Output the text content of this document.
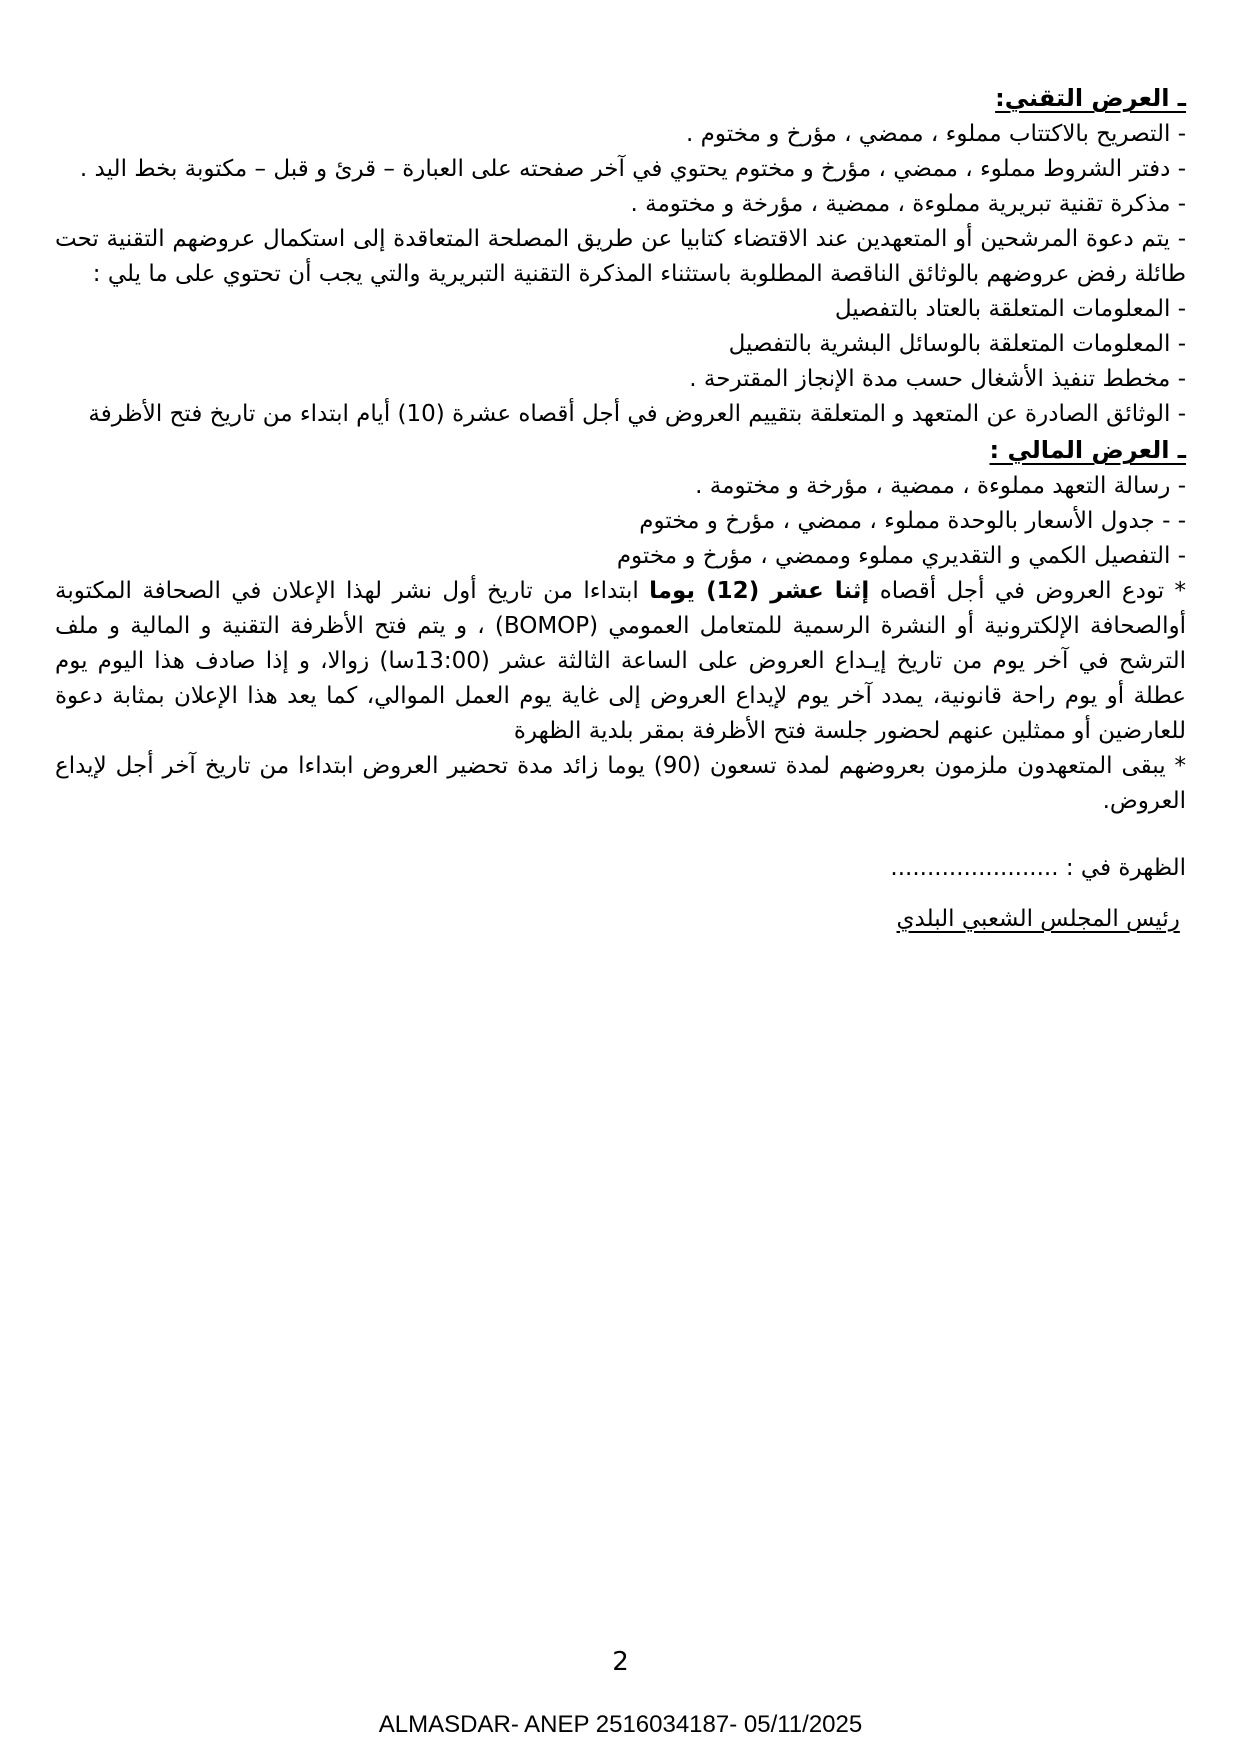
ـ العرض التقني:
- التصريح بالاكتتاب مملوء ، ممضي ، مؤرخ و مختوم .
- دفتر الشروط مملوء ، ممضي ، مؤرخ و مختوم يحتوي في آخر صفحته على العبارة – قرئ و قبل – مكتوبة بخط اليد .
- مذكرة تقنية تبريرية مملوءة ، ممضية ، مؤرخة و مختومة .

- يتم دعوة المرشحين أو المتعهدين عند الاقتضاء كتابيا عن طريق المصلحة المتعاقدة إلى استكمال عروضهم التقنية تحت طائلة رفض عروضهم بالوثائق الناقصة المطلوبة باستثناء المذكرة التقنية التبريرية والتي يجب أن تحتوي على ما يلي :

- المعلومات المتعلقة بالعتاد بالتفصيل
- المعلومات المتعلقة بالوسائل البشرية بالتفصيل
- مخطط تنفيذ الأشغال حسب مدة الإنجاز المقترحة .
- الوثائق الصادرة عن المتعهد و المتعلقة بتقييم العروض في أجل أقصاه عشرة (10) أيام ابتداء من تاريخ فتح الأظرفة
ـ العرض المالي :
- رسالة التعهد مملوءة ، ممضية ، مؤرخة و مختومة .
- - جدول الأسعار بالوحدة مملوء ، ممضي ، مؤرخ و مختوم
- التفصيل الكمي و التقديري مملوء وممضي ، مؤرخ و مختوم

* تودع العروض في أجل أقصاه إثنا عشر (12) يوما ابتداءا من تاريخ أول نشر لهذا الإعلان في الصحافة المكتوبة أوالصحافة الإلكترونية أو النشرة الرسمية للمتعامل العمومي (BOMOP) ، و يتم فتح الأظرفة التقنية و المالية و ملف الترشح في آخر يوم من تاريخ إيـداع العروض على الساعة الثالثة عشر (13:00سا) زوالا، و إذا صادف هذا اليوم يوم عطلة أو يوم راحة قانونية، يمدد آخر يوم لإيداع العروض إلى غاية يوم العمل الموالي، كما يعد هذا الإعلان بمثابة دعوة للعارضين أو ممثلين عنهم لحضور جلسة فتح الأظرفة بمقر بلدية الظهرة

* يبقى المتعهدون ملزمون بعروضهم لمدة تسعون (90) يوما زائد مدة تحضير العروض ابتداءا من تاريخ آخر أجل لإيداع العروض.

الظهرة في : .......................
رئيس المجلس الشعبي البلدي
2
ALMASDAR- ANEP 2516034187- 05/11/2025
